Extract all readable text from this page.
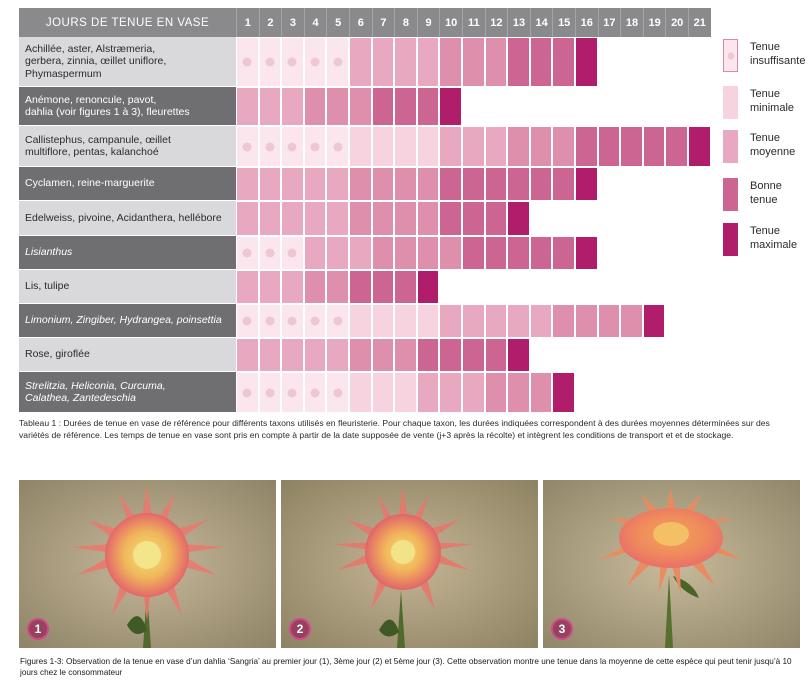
JOURS DE TENUE EN VASE	1	2	3	4	5	6	7	8	9	10 11 12 13 14 15 16 17 18 19 20 21
Achillée, aster, Alstræmeria,
gerbera, zinnia, œillet uniflore,
Phymaspermum
Anémone, renoncule, pavot,
dahlia (voir figures 1 à 3), fleurettes
Callistephus, campanule, œillet
multiflore, pentas, kalanchoé
Cyclamen, reine-marguerite
Edelweiss, pivoine, Acidanthera, hellébore
Lisianthus
Lis, tulipe
Limonium, Zingiber, Hydrangea, poinsettia
Rose, giroflée
Strelitzia, Heliconia, Curcuma,
Calathea, Zantedeschia
Tenue insuffisante
Tenue minimale
Tenue moyenne
Bonne tenue
Tenue maximale
Tableau 1 : Durées de tenue en vase de référence pour différents taxons utilisés en fleuristerie. Pour chaque taxon, les durées indiquées correspondent à des durées moyennes déterminées sur des variétés de référence. Les temps de tenue en vase sont pris en compte à partir de la date supposée de vente (j+3 après la récolte) et intègrent les conditions de transport et et de stockage.
1	2	3
Figures 1-3: Observation de la tenue en vase d’un dahlia ‘Sangria’ au premier jour (1), 3ème jour (2) et 5ème jour (3). Cette observation montre une tenue dans la moyenne de cette espèce qui peut tenir jusqu’à 10 jours chez le consommateur
